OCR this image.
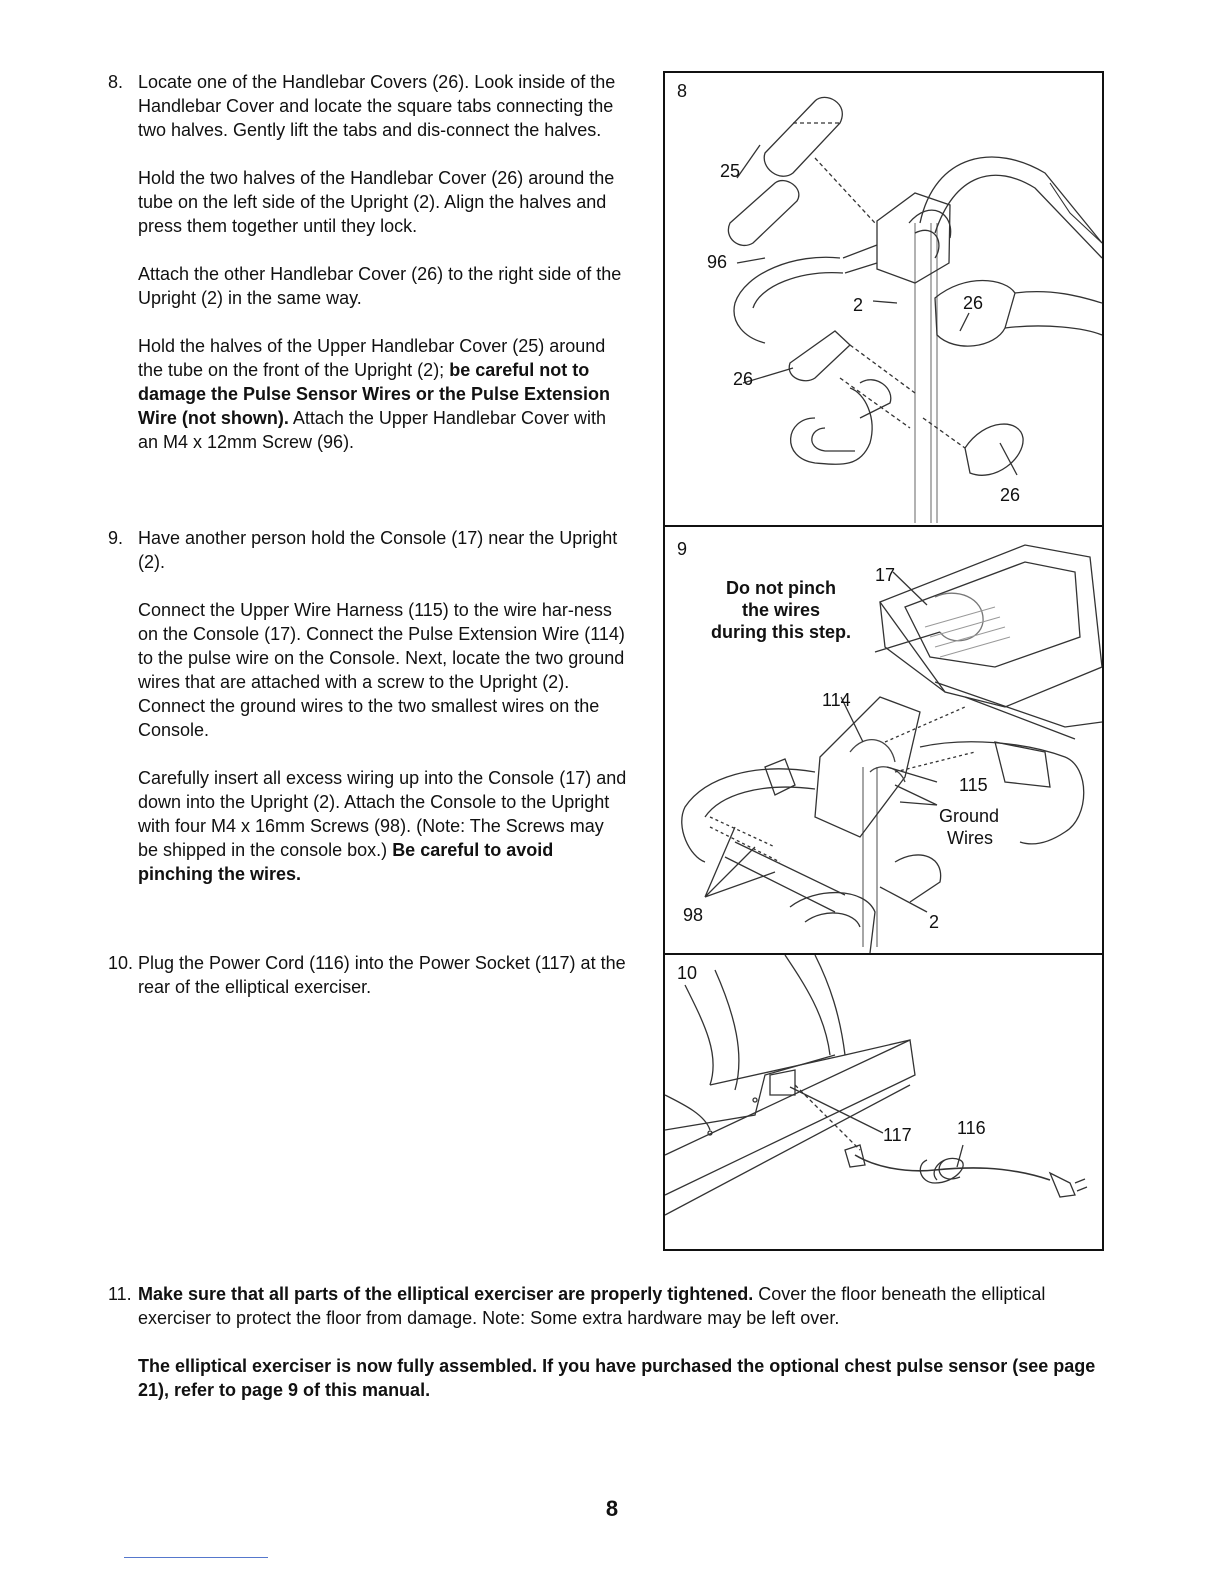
8. Locate one of the Handlebar Covers (26). Look inside of the Handlebar Cover and locate the square tabs connecting the two halves. Gently lift the tabs and dis-connect the halves.

Hold the two halves of the Handlebar Cover (26) around the tube on the left side of the Upright (2). Align the halves and press them together until they lock.

Attach the other Handlebar Cover (26) to the right side of the Upright (2) in the same way.

Hold the halves of the Upper Handlebar Cover (25) around the tube on the front of the Upright (2); be careful not to damage the Pulse Sensor Wires or the Pulse Extension Wire (not shown). Attach the Upper Handlebar Cover with an M4 x 12mm Screw (96).

9. Have another person hold the Console (17) near the Upright (2).

Connect the Upper Wire Harness (115) to the wire har-ness on the Console (17). Connect the Pulse Extension Wire (114) to the pulse wire on the Console. Next, locate the two ground wires that are attached with a screw to the Upright (2). Connect the ground wires to the two smallest wires on the Console.

Carefully insert all excess wiring up into the Console (17) and down into the Upright (2). Attach the Console to the Upright with four M4 x 16mm Screws (98). (Note: The Screws may be shipped in the console box.) Be careful to avoid pinching the wires.

10. Plug the Power Cord (116) into the Power Socket (117) at the rear of the elliptical exerciser.

8
25
96
2	26
26
26
9
Do not pinch
the wires
during this step.
17
114
115
Ground
Wires
98	2
10
117	116
11. Make sure that all parts of the elliptical exerciser are properly tightened. Cover the floor beneath the elliptical exerciser to protect the floor from damage. Note: Some extra hardware may be left over.

The elliptical exerciser is now fully assembled. If you have purchased the optional chest pulse sensor (see page 21), refer to page 9 of this manual.

8
